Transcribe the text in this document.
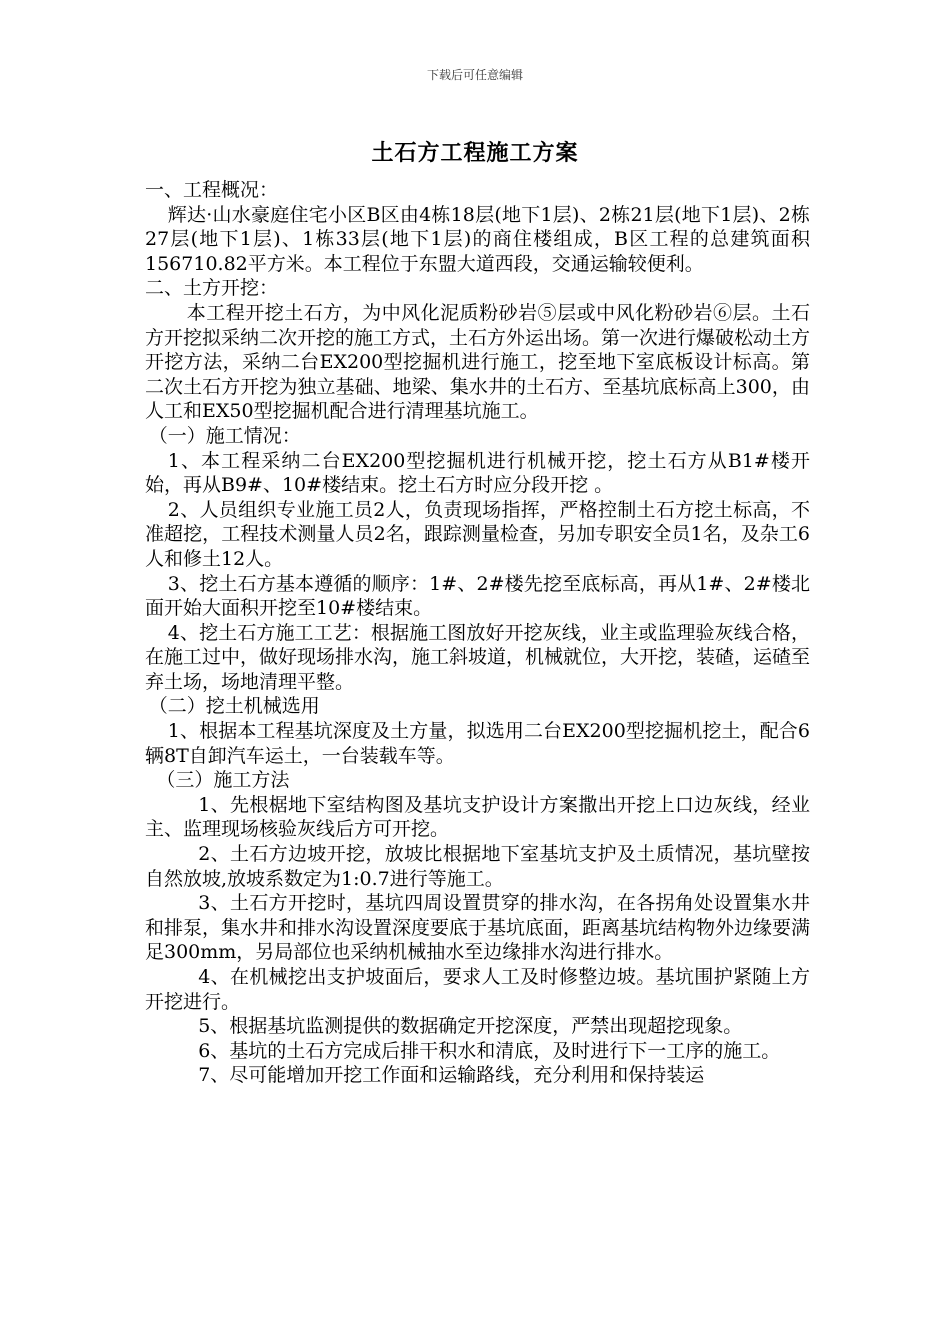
下载后可任意编辑
土石方工程施工方案

一、工程概况：

辉达·山水豪庭住宅小区B区由4栋18层(地下1层)、2栋21层(地下1层)、2栋27层(地下1层)、1栋33层(地下1层)的商住楼组成，B区工程的总建筑面积156710.82平方米。本工程位于东盟大道西段，交通运输较便利。

二、土方开挖：

本工程开挖土石方，为中风化泥质粉砂岩⑤层或中风化粉砂岩⑥层。土石方开挖拟采纳二次开挖的施工方式，土石方外运出场。第一次进行爆破松动土方开挖方法，采纳二台EX200型挖掘机进行施工，挖至地下室底板设计标高。第二次土石方开挖为独立基础、地梁、集水井的土石方、至基坑底标高上300，由人工和EX50型挖掘机配合进行清理基坑施工。

（一）施工情况：

1、本工程采纳二台EX200型挖掘机进行机械开挖，挖土石方从B1#楼开始，再从B9#、10#楼结束。挖土石方时应分段开挖 。

2、人员组织专业施工员2人，负责现场指挥，严格控制土石方挖土标高，不准超挖，工程技术测量人员2名，跟踪测量检查，另加专职安全员1名，及杂工6人和修土12人。

3、挖土石方基本遵循的顺序：1#、2#楼先挖至底标高，再从1#、2#楼北面开始大面积开挖至10#楼结束。

4、挖土石方施工工艺：根据施工图放好开挖灰线，业主或监理验灰线合格，在施工过中，做好现场排水沟，施工斜坡道，机械就位，大开挖，装碴，运碴至弃土场，场地清理平整。

（二）挖土机械选用

1、根据本工程基坑深度及土方量，拟选用二台EX200型挖掘机挖土，配合6辆8T自卸汽车运土，一台装载车等。

（三）施工方法

1、先根椐地下室结构图及基坑支护设计方案撒出开挖上口边灰线，经业主、监理现场核验灰线后方可开挖。

2、土石方边坡开挖，放坡比根据地下室基坑支护及土质情况，基坑壁按自然放坡,放坡系数定为1:0.7进行等施工。

3、土石方开挖时，基坑四周设置贯穿的排水沟，在各拐角处设置集水井和排泵，集水井和排水沟设置深度要底于基坑底面，距离基坑结构物外边缘要满足300mm，另局部位也采纳机械抽水至边缘排水沟进行排水。

4、在机械挖出支护坡面后，要求人工及时修整边坡。基坑围护紧随上方开挖进行。

5、根据基坑监测提供的数据确定开挖深度，严禁出现超挖现象。

6、基坑的土石方完成后排干积水和清底，及时进行下一工序的施工。

7、尽可能增加开挖工作面和运输路线，充分利用和保持装运
